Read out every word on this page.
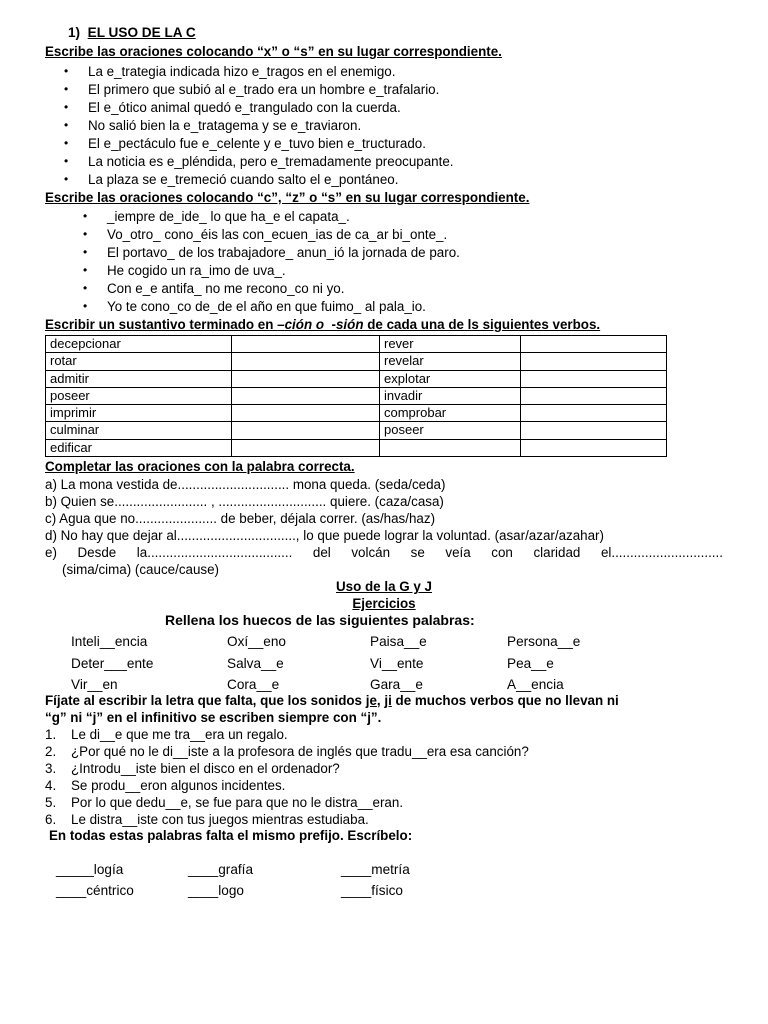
1) EL USO DE LA C
Escribe las oraciones colocando “x” o “s” en su lugar correspondiente.
• La e_trategia indicada hizo e_tragos en el enemigo.
• El primero que subió al e_trado era un hombre e_trafalario.
• El e_ótico animal quedó e_trangulado con la cuerda.
• No salió bien la e_tratagema y se e_traviaron.
• El e_pectáculo fue e_celente y e_tuvo bien e_tructurado.
• La noticia es e_pléndida, pero e_tremadamente preocupante.
• La plaza se e_tremeció cuando salto el e_pontáneo.
Escribe las oraciones colocando “c”, “z” o “s” en su lugar correspondiente.
• _iempre de_ide_ lo que ha_e el capata_.
• Vo_otro_ cono_éis las con_ecuen_ias de ca_ar bi_onte_.
• El portavo_ de los trabajadore_ anun_ió la jornada de paro.
• He cogido un ra_imo de uva_.
• Con e_e antifa_ no me recono_co ni yo.
• Yo te cono_co de_de el año en que fuimo_ al pala_io.
Escribir un sustantivo terminado en –ción o -sión de cada una de ls siguientes verbos.
decepcionar		rever	
rotar		revelar	
admitir		explotar	
poseer		invadir	
imprimir		comprobar	
culminar		poseer	
edificar			
Completar las oraciones con la palabra correcta.
a) La mona vestida de.............................. mona queda. (seda/ceda)
b) Quien se......................... , ............................. quiere. (caza/casa)
c) Agua que no...................... de beber, déjala correr. (as/has/haz)
d) No hay que dejar al................................, lo que puede lograr la voluntad. (asar/azar/azahar)
e) Desde la....................................... del volcán se veía con claridad el..............................
(sima/cima) (cauce/cause)
Uso de la G y J
Ejercicios
Rellena los huecos de las siguientes palabras:
Inteli__encia	Oxí__eno	Paisa__e	Persona__e
Deter___ente	Salva__e	Vi__ente	Pea__e
Vir__en	Cora__e	Gara__e	A__encia
Fíjate al escribir la letra que falta, que los sonidos je, ji de muchos verbos que no llevan ni
“g” ni “j” en el infinitivo se escriben siempre con “j”.
1. Le di__e que me tra__era un regalo.
2. ¿Por qué no le di__iste a la profesora de inglés que tradu__era esa canción?
3. ¿Introdu__iste bien el disco en el ordenador?
4. Se produ__eron algunos incidentes.
5. Por lo que dedu__e, se fue para que no le distra__eran.
6. Le distra__iste con tus juegos mientras estudiaba.
En todas estas palabras falta el mismo prefijo. Escríbelo:
_____logía	____grafía	____metría
____céntrico	____logo	____físico
